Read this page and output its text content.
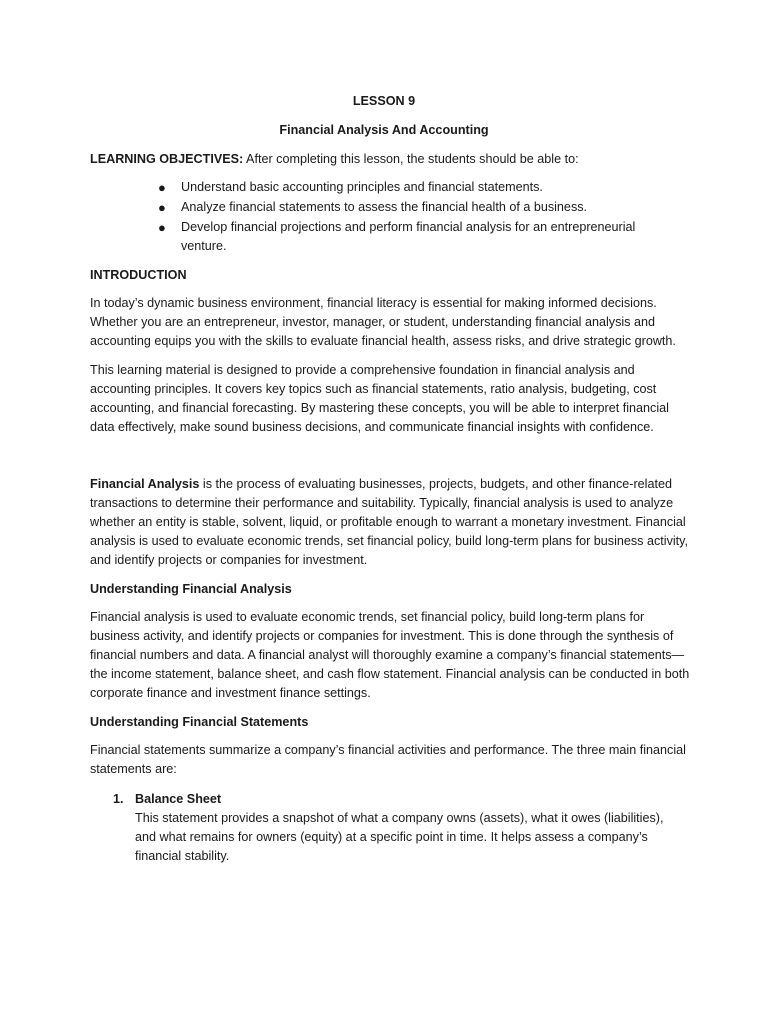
LESSON 9

Financial Analysis And Accounting

LEARNING OBJECTIVES: After completing this lesson, the students should be able to:

●	Understand basic accounting principles and financial statements.
●	Analyze financial statements to assess the financial health of a business.
●	Develop financial projections and perform financial analysis for an entrepreneurial venture.

INTRODUCTION

In today’s dynamic business environment, financial literacy is essential for making informed decisions. Whether you are an entrepreneur, investor, manager, or student, understanding financial analysis and accounting equips you with the skills to evaluate financial health, assess risks, and drive strategic growth.

This learning material is designed to provide a comprehensive foundation in financial analysis and accounting principles. It covers key topics such as financial statements, ratio analysis, budgeting, cost accounting, and financial forecasting. By mastering these concepts, you will be able to interpret financial data effectively, make sound business decisions, and communicate financial insights with confidence.

Financial Analysis is the process of evaluating businesses, projects, budgets, and other finance-related transactions to determine their performance and suitability. Typically, financial analysis is used to analyze whether an entity is stable, solvent, liquid, or profitable enough to warrant a monetary investment. Financial analysis is used to evaluate economic trends, set financial policy, build long-term plans for business activity, and identify projects or companies for investment.

Understanding Financial Analysis

Financial analysis is used to evaluate economic trends, set financial policy, build long-term plans for business activity, and identify projects or companies for investment. This is done through the synthesis of financial numbers and data. A financial analyst will thoroughly examine a company’s financial statements—the income statement, balance sheet, and cash flow statement. Financial analysis can be conducted in both corporate finance and investment finance settings.

Understanding Financial Statements

Financial statements summarize a company’s financial activities and performance. The three main financial statements are:

1. Balance Sheet
This statement provides a snapshot of what a company owns (assets), what it owes (liabilities), and what remains for owners (equity) at a specific point in time. It helps assess a company’s financial stability.
